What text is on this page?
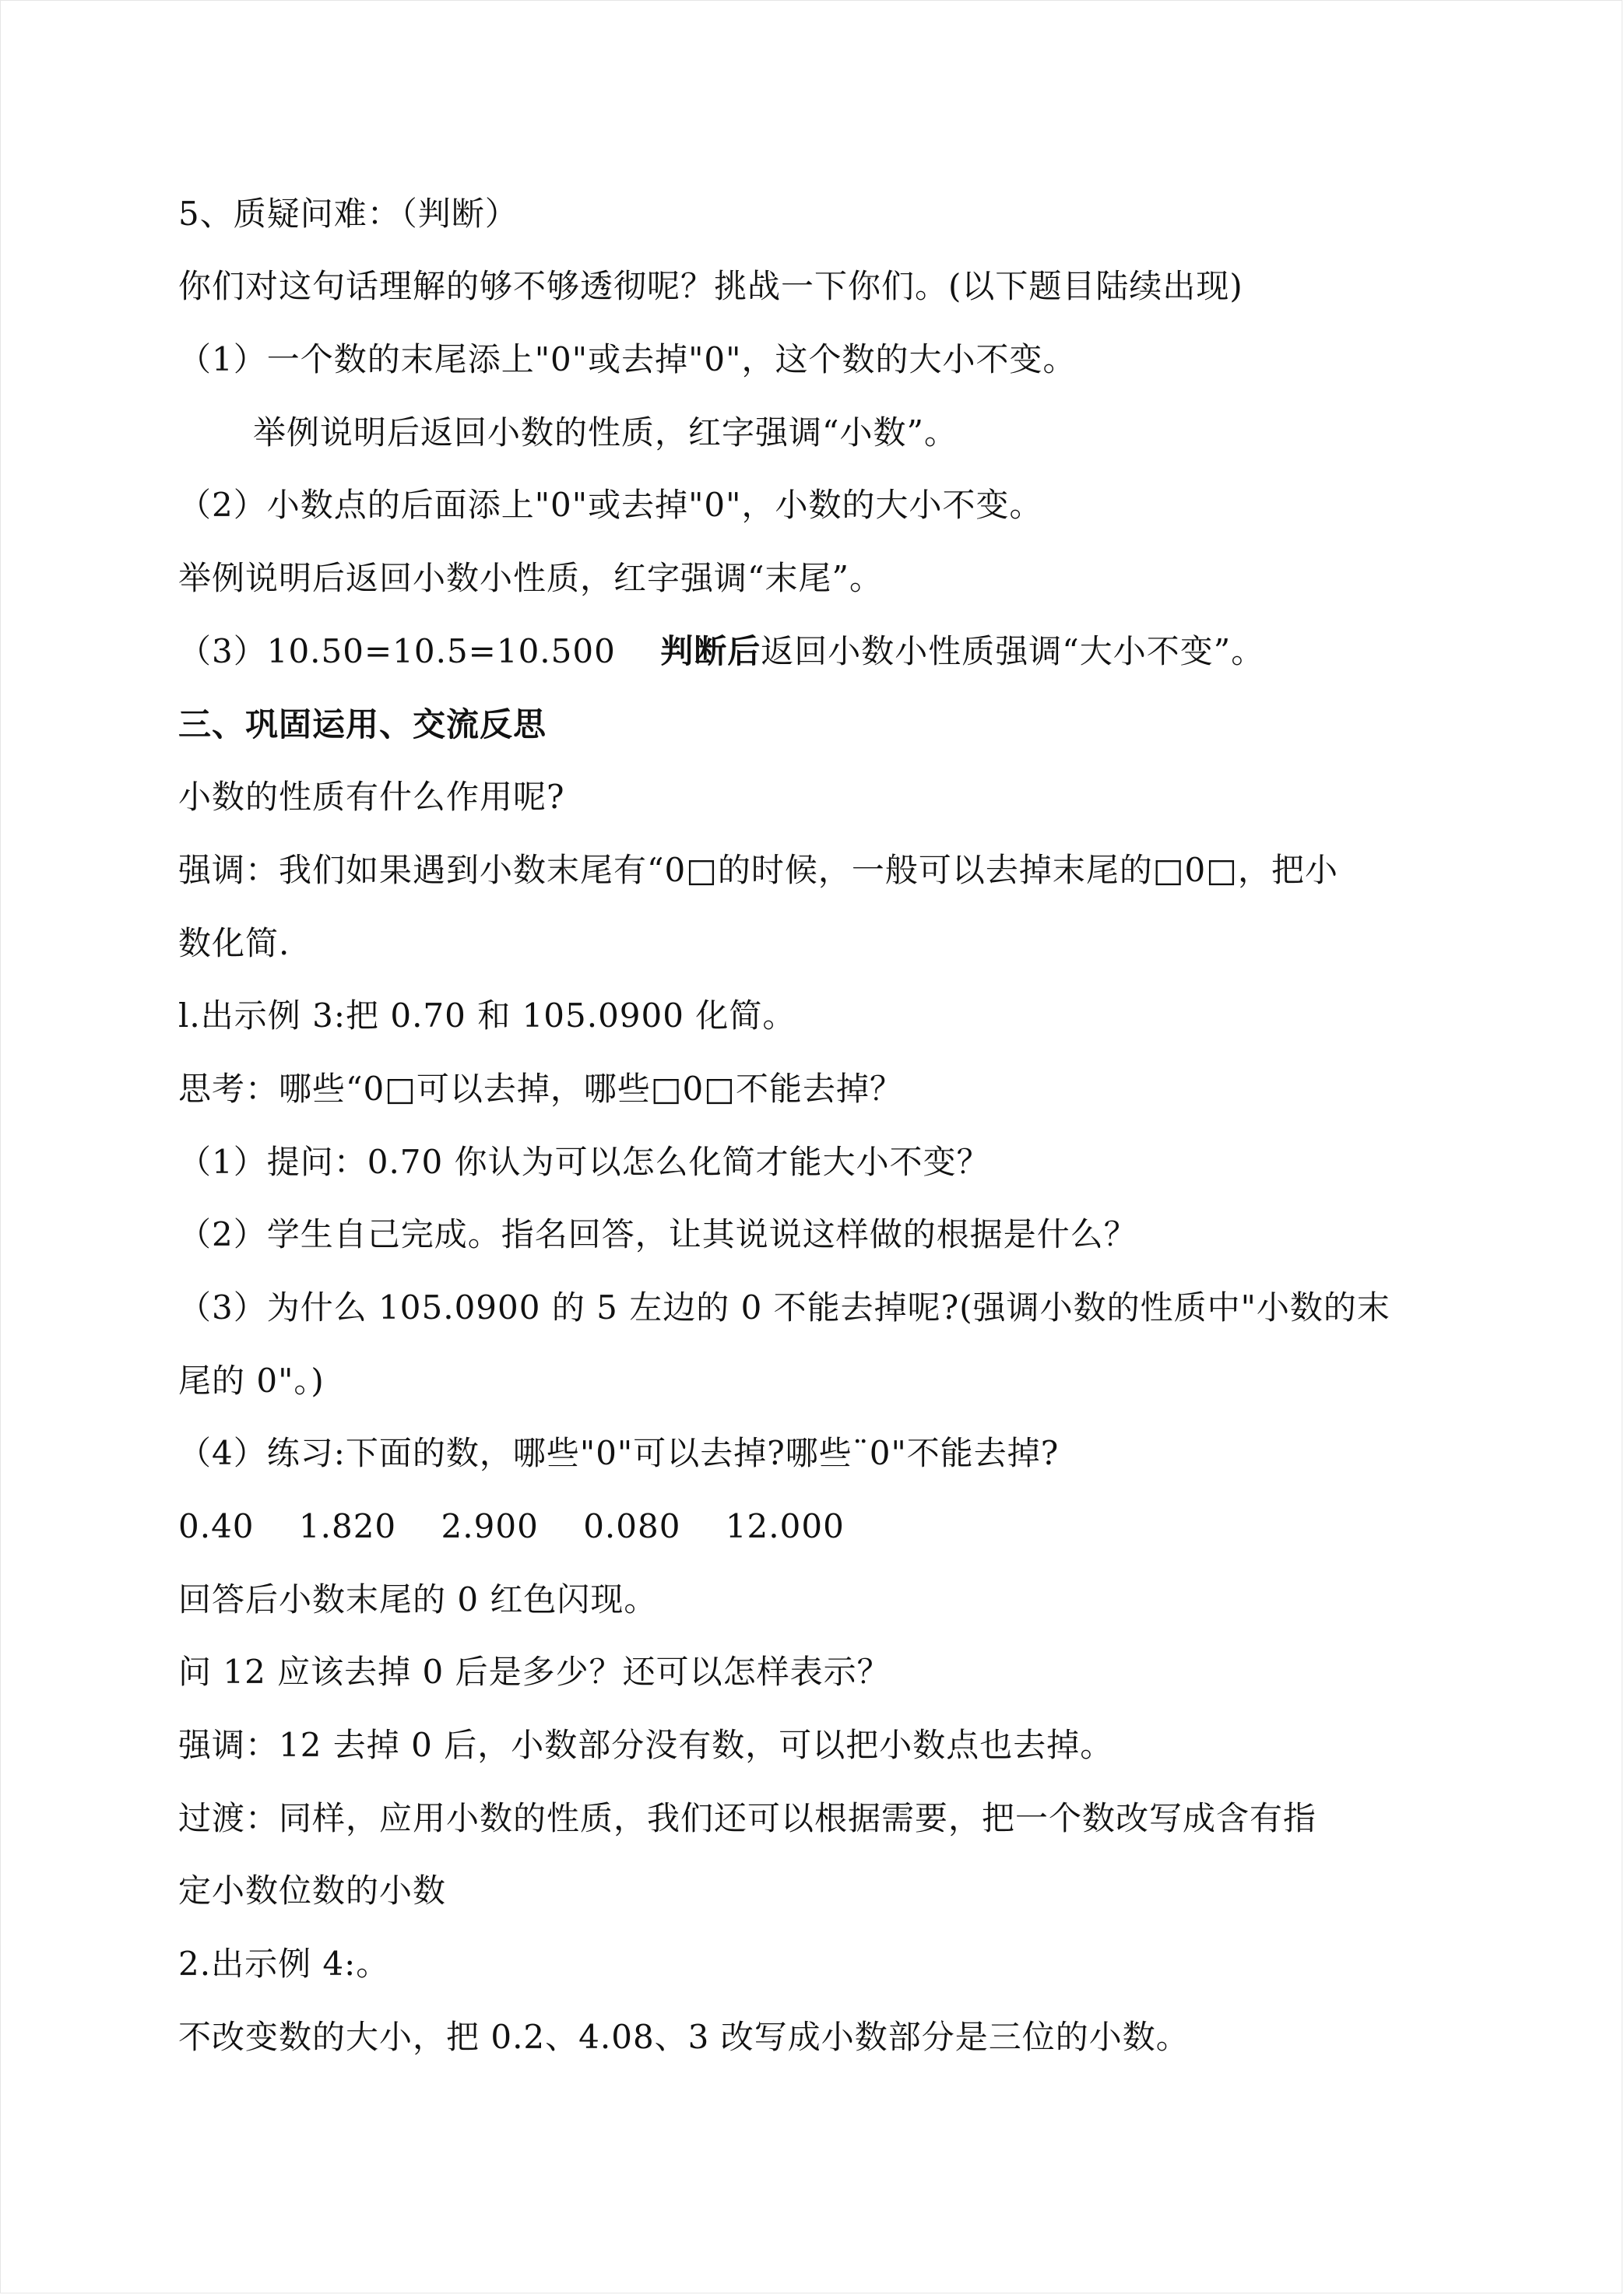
5、质疑问难：（判断）
你们对这句话理解的够不够透彻呢？挑战一下你们。(以下题目陆续出现)
（1）一个数的末尾添上"0"或去掉"0"，这个数的大小不变。
举例说明后返回小数的性质，红字强调“小数”。
（2）小数点的后面添上"0"或去掉"0"，小数的大小不变。
举例说明后返回小数小性质，红字强调“末尾”。
（3）10.50=10.5=10.500 判断后返回小数小性质强调“大小不变”。
三、巩固运用、交流反思
小数的性质有什么作用呢?
强调：我们如果遇到小数末尾有“0□的时候，一般可以去掉末尾的□0□，把小
数化简.
l.出示例 3:把 0.70 和 105.0900 化简。
思考：哪些“0□可以去掉，哪些□0□不能去掉？
（1）提问：0.70 你认为可以怎么化简才能大小不变？
（2）学生自己完成。指名回答，让其说说这样做的根据是什么？
（3）为什么 105.0900 的 5 左边的 0 不能去掉呢?(强调小数的性质中"小数的末
尾的 0"。)
（4）练习:下面的数，哪些"0"可以去掉?哪些¨0"不能去掉?
0.40    1.820    2.900    0.080    12.000
回答后小数末尾的 0 红色闪现。
问 12 应该去掉 0 后是多少？还可以怎样表示？
强调：12 去掉 0 后，小数部分没有数，可以把小数点也去掉。
过渡：同样，应用小数的性质，我们还可以根据需要，把一个数改写成含有指
定小数位数的小数
2.出示例 4:。
不改变数的大小，把 0.2、4.08、3 改写成小数部分是三位的小数。
